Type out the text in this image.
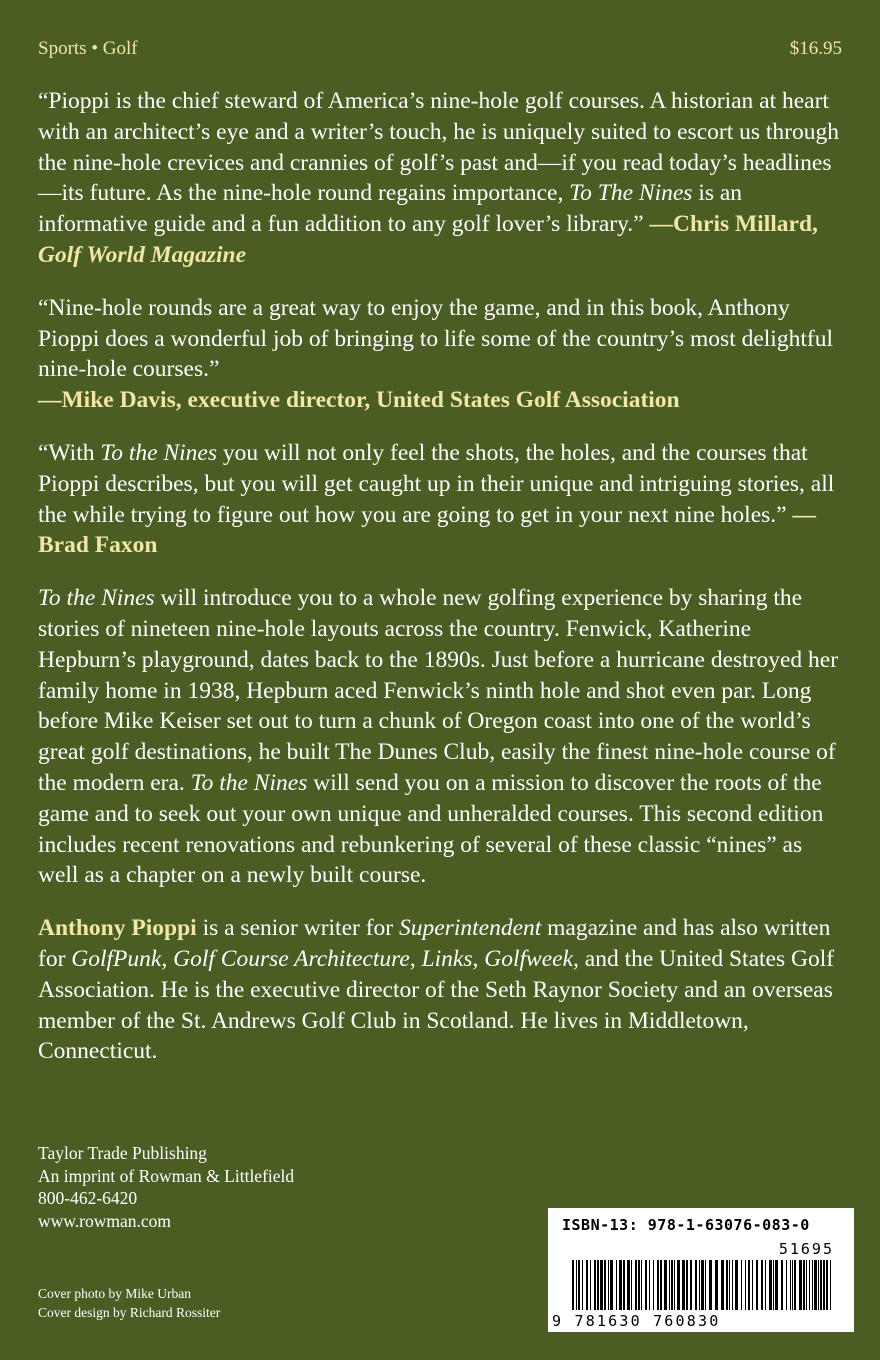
Sports • Golf	$16.95

“Pioppi is the chief steward of America’s nine-hole golf courses. A historian at heart with an architect’s eye and a writer’s touch, he is uniquely suited to escort us through the nine-hole crevices and crannies of golf’s past and—if you read today’s headlines—its future. As the nine-hole round regains importance, To The Nines is an informative guide and a fun addition to any golf lover’s library.” —Chris Millard, Golf World Magazine

“Nine-hole rounds are a great way to enjoy the game, and in this book, Anthony Pioppi does a wonderful job of bringing to life some of the country’s most delightful nine-hole courses.”
—Mike Davis, executive director, United States Golf Association

“With To the Nines you will not only feel the shots, the holes, and the courses that Pioppi describes, but you will get caught up in their unique and intriguing stories, all the while trying to figure out how you are going to get in your next nine holes.” —Brad Faxon

To the Nines will introduce you to a whole new golfing experience by sharing the stories of nineteen nine-hole layouts across the country. Fenwick, Katherine Hepburn’s playground, dates back to the 1890s. Just before a hurricane destroyed her family home in 1938, Hepburn aced Fenwick’s ninth hole and shot even par. Long before Mike Keiser set out to turn a chunk of Oregon coast into one of the world’s great golf destinations, he built The Dunes Club, easily the finest nine-hole course of the modern era. To the Nines will send you on a mission to discover the roots of the game and to seek out your own unique and unheralded courses. This second edition includes recent renovations and rebunkering of several of these classic “nines” as well as a chapter on a newly built course.

Anthony Pioppi is a senior writer for Superintendent magazine and has also written for GolfPunk, Golf Course Architecture, Links, Golfweek, and the United States Golf Association. He is the executive director of the Seth Raynor Society and an overseas member of the St. Andrews Golf Club in Scotland. He lives in Middletown, Connecticut.

Taylor Trade Publishing
An imprint of Rowman & Littlefield
800-462-6420
www.rowman.com
Cover photo by Mike Urban
Cover design by Richard Rossiter
ISBN-13: 978-1-63076-083-0
51695
9 781630 760830
